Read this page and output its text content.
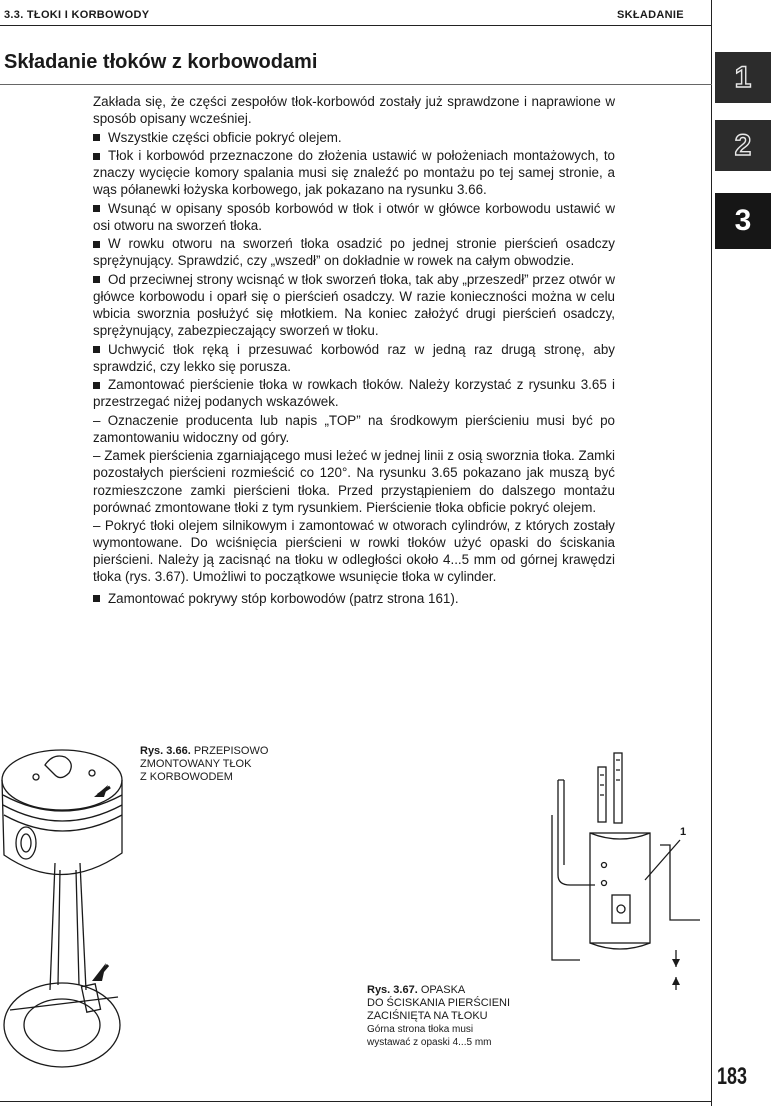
3.3. TŁOKI I KORBOWODY	SKŁADANIE
1
2
3
Składanie tłoków z korbowodami

Zakłada się, że części zespołów tłok-korbowód zostały już sprawdzone i naprawione w sposób opisany wcześniej.

Wszystkie części obficie pokryć olejem.

Tłok i korbowód przeznaczone do złożenia ustawić w położeniach montażowych, to znaczy wycięcie komory spalania musi się znaleźć po montażu po tej samej stronie, a wąs półanewki łożyska korbowego, jak pokazano na rysunku 3.66.

Wsunąć w opisany sposób korbowód w tłok i otwór w główce korbowodu ustawić w osi otworu na sworzeń tłoka.

W rowku otworu na sworzeń tłoka osadzić po jednej stronie pierścień osadczy sprężynujący. Sprawdzić, czy „wszedł” on dokładnie w rowek na całym obwodzie.

Od przeciwnej strony wcisnąć w tłok sworzeń tłoka, tak aby „przeszedł” przez otwór w główce korbowodu i oparł się o pierścień osadczy. W razie konieczności można w celu wbicia sworznia posłużyć się młotkiem. Na koniec założyć drugi pierścień osadczy, sprężynujący, zabezpieczający sworzeń w tłoku.

Uchwycić tłok ręką i przesuwać korbowód raz w jedną raz drugą stronę, aby sprawdzić, czy lekko się porusza.

Zamontować pierścienie tłoka w rowkach tłoków. Należy korzystać z rysunku 3.65 i przestrzegać niżej podanych wskazówek.

– Oznaczenie producenta lub napis „TOP” na środkowym pierścieniu musi być po zamontowaniu widoczny od góry.

– Zamek pierścienia zgarniającego musi leżeć w jednej linii z osią sworznia tłoka. Zamki pozostałych pierścieni rozmieścić co 120°. Na rysunku 3.65 pokazano jak muszą być rozmieszczone zamki pierścieni tłoka. Przed przystąpieniem do dalszego montażu porównać zmontowane tłoki z tym rysunkiem. Pierścienie tłoka obficie pokryć olejem.

– Pokryć tłoki olejem silnikowym i zamontować w otworach cylindrów, z których zostały wymontowane. Do wciśnięcia pierścieni w rowki tłoków użyć opaski do ściskania pierścieni. Należy ją zacisnąć na tłoku w odległości około 4...5 mm od górnej krawędzi tłoka (rys. 3.67). Umożliwi to początkowe wsunięcie tłoka w cylinder.

Zamontować pokrywy stóp korbowodów (patrz strona 161).

Rys. 3.66. PRZEPISOWO
ZMONTOWANY TŁOK
Z KORBOWODEM
1
Rys. 3.67. OPASKA
DO ŚCISKANIA PIERŚCIENI
ZACIŚNIĘTA NA TŁOKU
Górna strona tłoka musi
wystawać z opaski 4...5 mm
183
